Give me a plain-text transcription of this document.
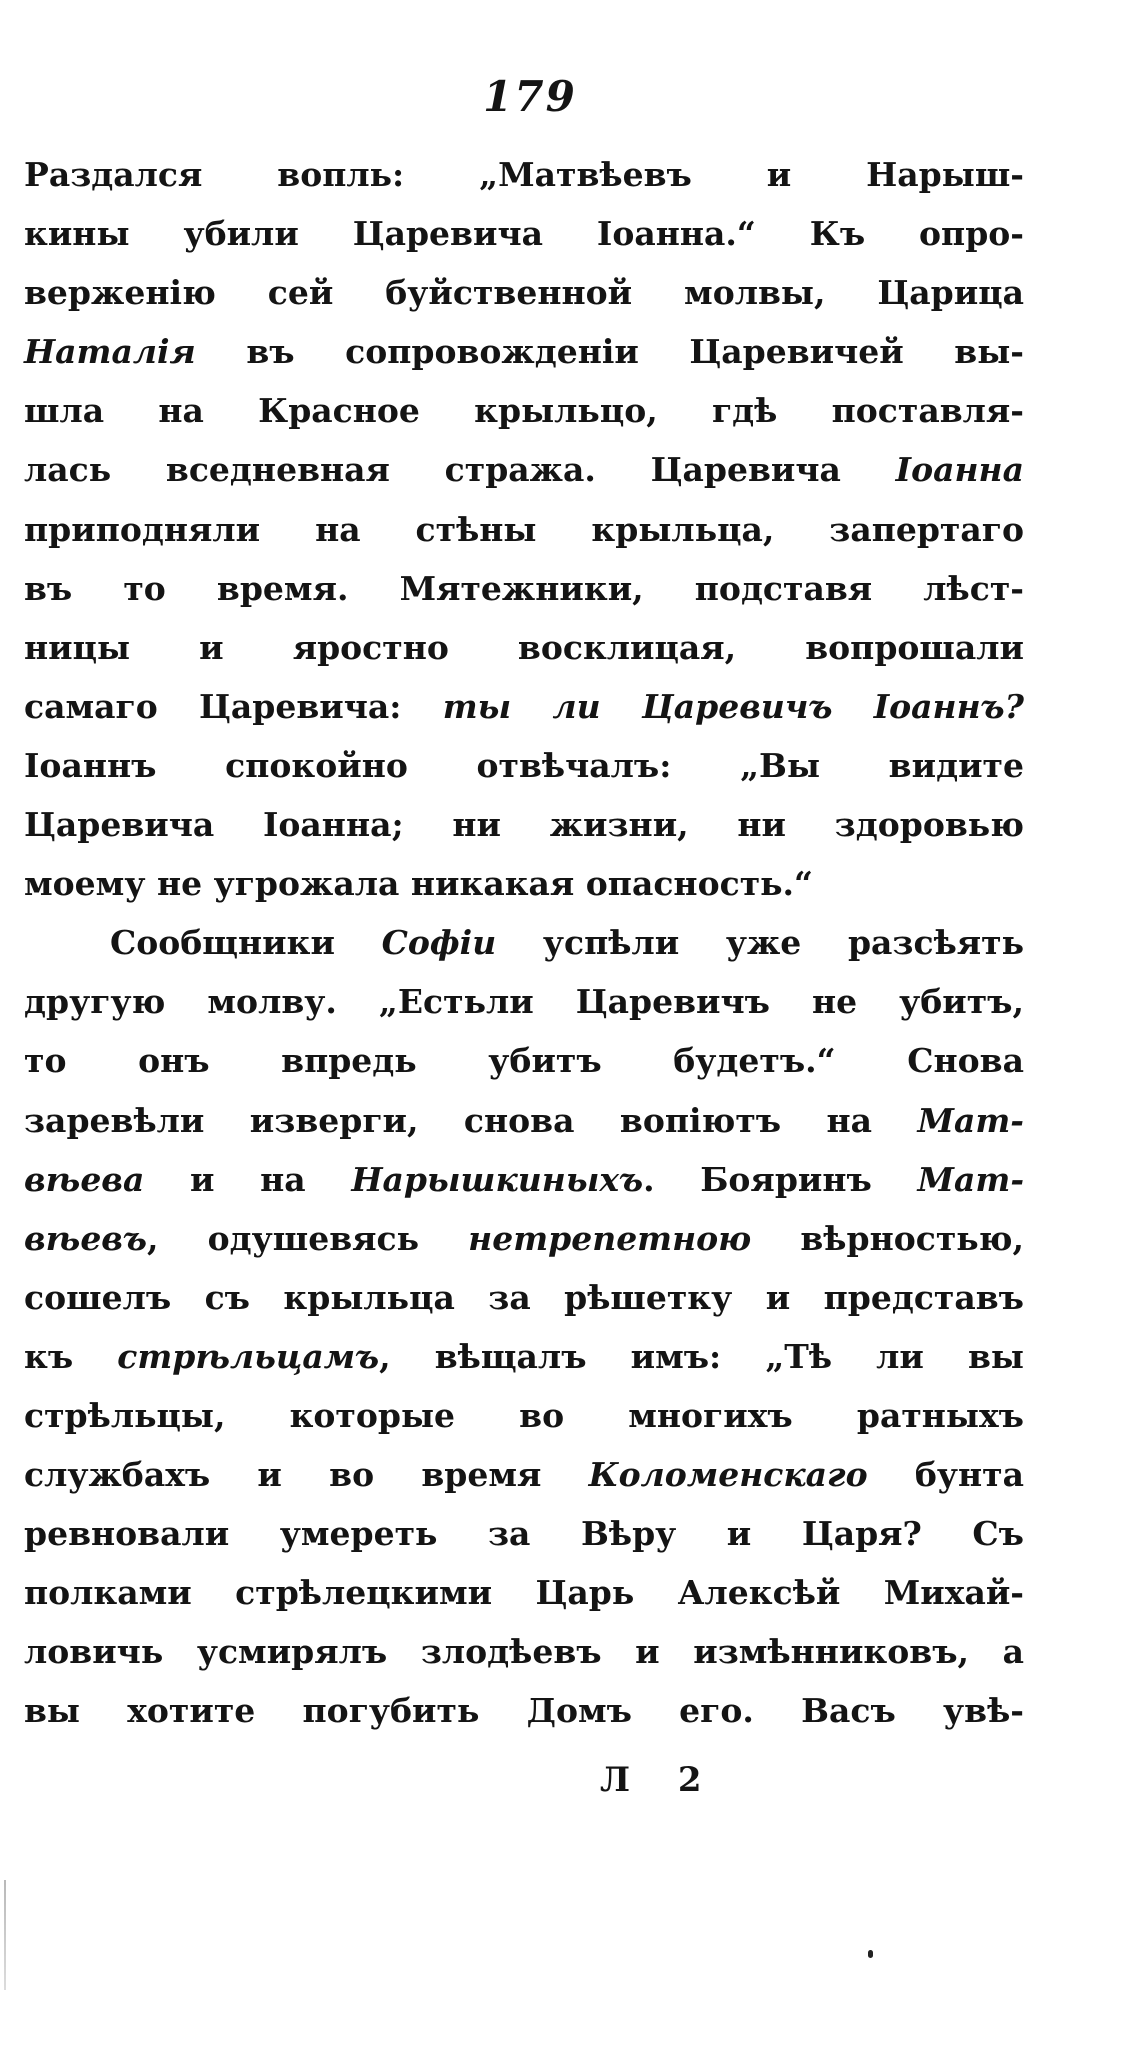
179
Раздался вопль: „Матвѣевъ и Нарыш-
кины убили Царевича Іоанна.“ Къ опро-
верженію сей буйственной молвы, Царица
Наталія въ сопровожденіи Царевичей вы-
шла на Красное крыльцо, гдѣ поставля-
лась вседневная стража. Царевича Іоанна
приподняли на стѣны крыльца, запертаго
въ то время. Мятежники, подставя лѣст-
ницы и яростно восклицая, вопрошали
самаго Царевича: ты ли Царевичъ Іоаннъ?
Іоаннъ спокойно отвѣчалъ: „Вы видите
Царевича Іоанна; ни жизни, ни здоровью
моему не угрожала никакая опасность.“
Сообщники Софіи успѣли уже разсѣять
другую молву. „Естьли Царевичъ не убитъ,
то онъ впредь убитъ будетъ.“ Снова
заревѣли изверги, снова вопіютъ на Мат-
вѣева и на Нарышкиныхъ. Бояринъ Мат-
вѣевъ, одушевясь нетрепетною вѣрностью,
сошелъ съ крыльца за рѣшетку и представъ
къ стрѣльцамъ, вѣщалъ имъ: „Тѣ ли вы
стрѣльцы, которые во многихъ ратныхъ
службахъ и во время Коломенскаго бунта
ревновали умереть за Вѣру и Царя? Съ
полками стрѣлецкими Царь Алексѣй Михай-
ловичь усмирялъ злодѣевъ и измѣнниковъ, а
вы хотите погубить Домъ его. Васъ увѣ-
Л 2
